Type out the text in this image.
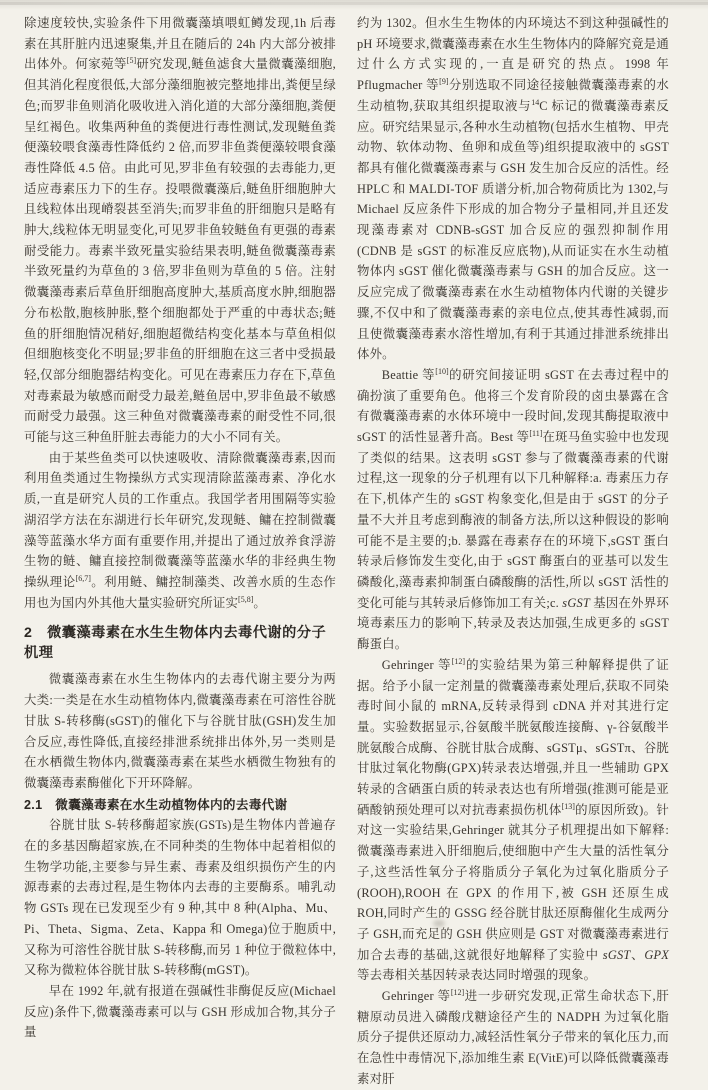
除速度较快,实验条件下用微囊藻填喂虹鳟发现,1h 后毒素在其肝脏内迅速聚集,并且在随后的 24h 内大部分被排出体外。何家菀等[5]研究发现,鲢鱼滤食大量微囊藻细胞,但其消化程度很低,大部分藻细胞被完整地排出,粪便呈绿色;而罗非鱼则消化吸收进入消化道的大部分藻细胞,粪便呈红褐色。收集两种鱼的粪便进行毒性测试,发现鲢鱼粪便藻较喂食藻毒性降低约 2 倍,而罗非鱼粪便藻较喂食藻毒性降低 4.5 倍。由此可见,罗非鱼有较强的去毒能力,更适应毒素压力下的生存。投喂微囊藻后,鲢鱼肝细胞肿大且线粒体出现嵴裂甚至消失;而罗非鱼的肝细胞只是略有肿大,线粒体无明显变化,可见罗非鱼较鲢鱼有更强的毒素耐受能力。毒素半致死量实验结果表明,鲢鱼微囊藻毒素半致死量约为草鱼的 3 倍,罗非鱼则为草鱼的 5 倍。注射微囊藻毒素后草鱼肝细胞高度肿大,基质高度水肿,细胞器分布松散,胞核肿胀,整个细胞都处于严重的中毒状态;鲢鱼的肝细胞情况稍好,细胞超微结构变化基本与草鱼相似但细胞核变化不明显;罗非鱼的肝细胞在这三者中受损最轻,仅部分细胞器结构变化。可见在毒素压力存在下,草鱼对毒素最为敏感而耐受力最差,鲢鱼居中,罗非鱼最不敏感而耐受力最强。这三种鱼对微囊藻毒素的耐受性不同,很可能与这三种鱼肝脏去毒能力的大小不同有关。

由于某些鱼类可以快速吸收、清除微囊藻毒素,因而利用鱼类通过生物操纵方式实现清除蓝藻毒素、净化水质,一直是研究人员的工作重点。我国学者用围隔等实验湖沼学方法在东湖进行长年研究,发现鲢、鳙在控制微囊藻等蓝藻水华方面有重要作用,并提出了通过放养食浮游生物的鲢、鳙直接控制微囊藻等蓝藻水华的非经典生物操纵理论[6,7]。利用鲢、鳙控制藻类、改善水质的生态作用也为国内外其他大量实验研究所证实[5,8]。

2　微囊藻毒素在水生生物体内去毒代谢的分子机理

微囊藻毒素在水生生物体内的去毒代谢主要分为两大类:一类是在水生动植物体内,微囊藻毒素在可溶性谷胱甘肽 S-转移酶(sGST)的催化下与谷胱甘肽(GSH)发生加合反应,毒性降低,直接经排泄系统排出体外,另一类则是在水栖微生物体内,微囊藻毒素在某些水栖微生物独有的微囊藻毒素酶催化下开环降解。

2.1　微囊藻毒素在水生动植物体内的去毒代谢

谷胱甘肽 S-转移酶超家族(GSTs)是生物体内普遍存在的多基因酶超家族,在不同种类的生物体中起着相似的生物学功能,主要参与异生素、毒素及组织损伤产生的内源毒素的去毒过程,是生物体内去毒的主要酶系。哺乳动物 GSTs 现在已发现至少有 9 种,其中 8 种(Alpha、Mu、Pi、Theta、Sigma、Zeta、Kappa 和 Omega)位于胞质中,又称为可溶性谷胱甘肽 S-转移酶,而另 1 种位于微粒体中,又称为微粒体谷胱甘肽 S-转移酶(mGST)。

早在 1992 年,就有报道在强碱性非酶促反应(Michael 反应)条件下,微囊藻毒素可以与 GSH 形成加合物,其分子量

约为 1302。但水生生物体的内环境达不到这种强碱性的 pH 环境要求,微囊藻毒素在水生生物体内的降解究竟是通过什么方式实现的,一直是研究的热点。1998 年 Pflugmacher 等[9]分别选取不同途径接触微囊藻毒素的水生动植物,获取其组织提取液与$^{14}$C 标记的微囊藻毒素反应。研究结果显示,各种水生动植物(包括水生植物、甲壳动物、软体动物、鱼卵和成鱼等)组织提取液中的 sGST 都具有催化微囊藻毒素与 GSH 发生加合反应的活性。经 HPLC 和 MALDI-TOF 质谱分析,加合物荷质比为 1302,与 Michael 反应条件下形成的加合物分子量相同,并且还发现藻毒素对 CDNB-sGST 加合反应的强烈抑制作用(CDNB 是 sGST 的标准反应底物),从而证实在水生动植物体内 sGST 催化微囊藻毒素与 GSH 的加合反应。这一反应完成了微囊藻毒素在水生动植物体内代谢的关键步骤,不仅中和了微囊藻毒素的亲电位点,使其毒性减弱,而且使微囊藻毒素水溶性增加,有利于其通过排泄系统排出体外。

Beattie 等[10]的研究间接证明 sGST 在去毒过程中的确扮演了重要角色。他将三个发育阶段的卤虫暴露在含有微囊藻毒素的水体环境中一段时间,发现其酶提取液中 sGST 的活性显著升高。Best 等[11]在斑马鱼实验中也发现了类似的结果。这表明 sGST 参与了微囊藻毒素的代谢过程,这一现象的分子机理有以下几种解释:a. 毒素压力存在下,机体产生的 sGST 构象变化,但是由于 sGST 的分子量不大并且考虑到酶液的制备方法,所以这种假设的影响可能不是主要的;b. 暴露在毒素存在的环境下,sGST 蛋白转录后修饰发生变化,由于 sGST 酶蛋白的亚基可以发生磷酸化,藻毒素抑制蛋白磷酸酶的活性,所以 sGST 活性的变化可能与其转录后修饰加工有关;c. sGST 基因在外界环境毒素压力的影响下,转录及表达加强,生成更多的 sGST 酶蛋白。

Gehringer 等[12]的实验结果为第三种解释提供了证据。给予小鼠一定剂量的微囊藻毒素处理后,获取不同染毒时间小鼠的 mRNA,反转录得到 cDNA 并对其进行定量。实验数据显示,谷氨酸半胱氨酸连接酶、γ-谷氨酸半胱氨酸合成酶、谷胱甘肽合成酶、sGSTμ、sGSTπ、谷胱甘肽过氧化物酶(GPX)转录表达增强,并且一些辅助 GPX 转录的含硒蛋白质的转录表达也有所增强(推测可能是亚硒酸钠预处理可以对抗毒素损伤机体[13]的原因所致)。针对这一实验结果,Gehringer 就其分子机理提出如下解释:微囊藻毒素进入肝细胞后,使细胞中产生大量的活性氧分子,这些活性氧分子将脂质分子氧化为过氧化脂质分子(ROOH),ROOH 在 GPX 的作用下,被 GSH 还原生成 ROH,同时产生的 GSSG 经谷胱甘肽还原酶催化生成两分子 GSH,而充足的 GSH 供应则是 GST 对微囊藻毒素进行加合去毒的基础,这就很好地解释了实验中 sGST、GPX 等去毒相关基因转录表达同时增强的现象。

Gehringer 等[12]进一步研究发现,正常生命状态下,肝糖原动员进入磷酸戊糖途径产生的 NADPH 为过氧化脂质分子提供还原动力,减轻活性氧分子带来的氧化压力,而在急性中毒情况下,添加维生素 E(VitE)可以降低微囊藻毒素对肝
